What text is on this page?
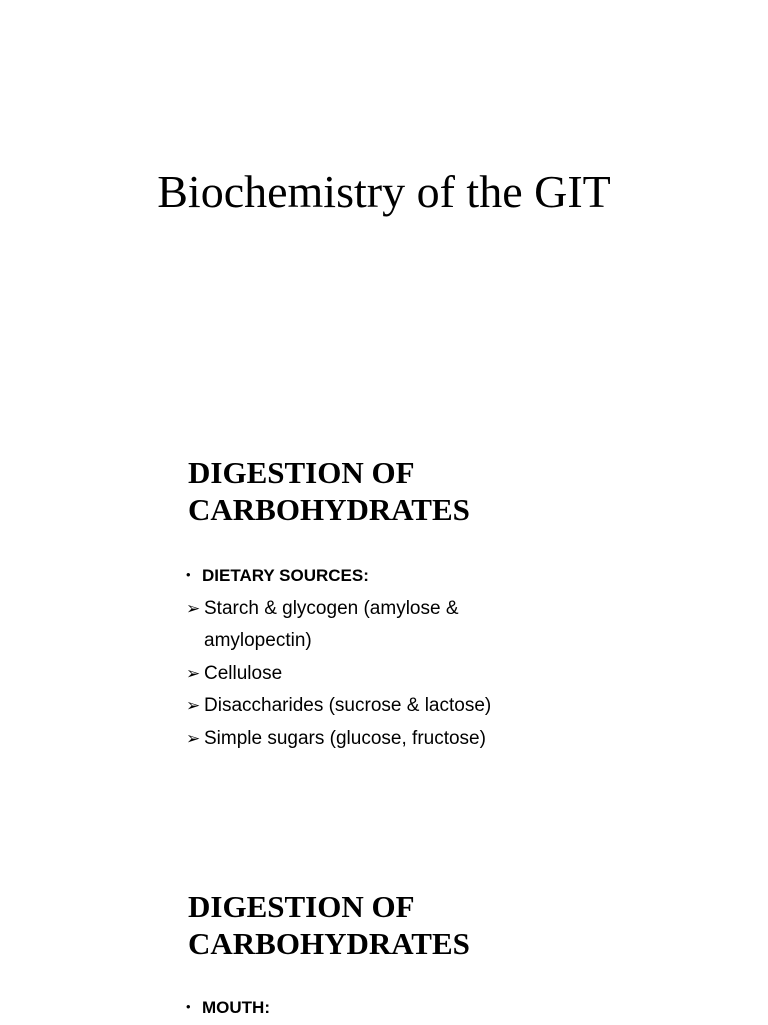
Biochemistry of the GIT
DIGESTION OF
CARBOHYDRATES
• DIETARY SOURCES:
➢ Starch & glycogen (amylose &
amylopectin)
➢ Cellulose
➢ Disaccharides (sucrose & lactose)
➢ Simple sugars (glucose, fructose)
DIGESTION OF
CARBOHYDRATES
• MOUTH:
